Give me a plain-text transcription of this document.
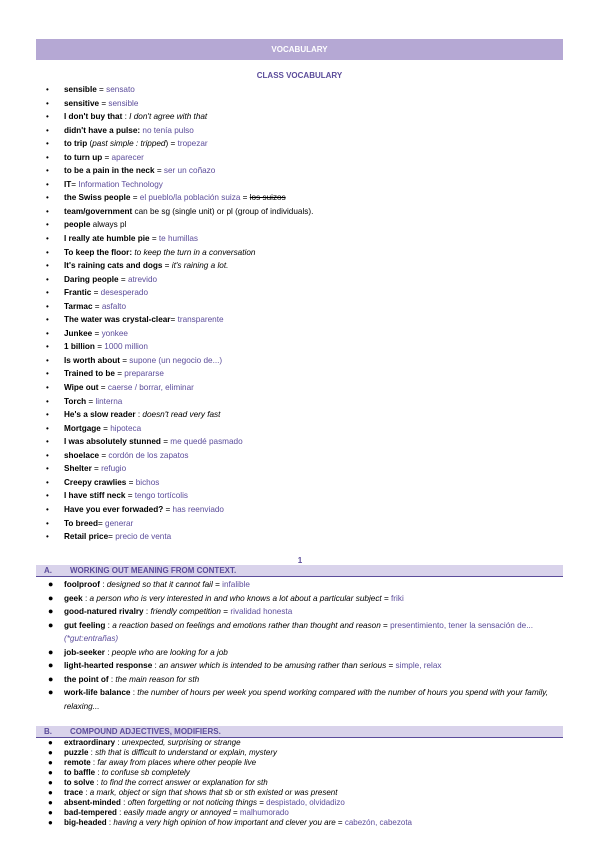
VOCABULARY
CLASS VOCABULARY
• sensible = sensato
• sensitive = sensible
• I don't buy that : I don't agree with that
• didn't have a pulse: no tenía pulso
• to trip (past simple : tripped) = tropezar
• to turn up = aparecer
• to be a pain in the neck = ser un coñazo
• IT= Information Technology
• the Swiss people = el pueblo/la población suiza = los suizos
• team/government can be sg (single unit) or pl (group of individuals).
• people always pl
• I really ate humble pie = te humillas
• To keep the floor: to keep the turn in a conversation
• It's raining cats and dogs = it's raining a lot.
• Daring people = atrevido
• Frantic = desesperado
• Tarmac = asfalto
• The water was crystal-clear= transparente
• Junkee = yonkee
• 1 billion = 1000 million
• Is worth about = supone (un negocio de...)
• Trained to be = prepararse
• Wipe out = caerse / borrar, eliminar
• Torch = linterna
• He's a slow reader : doesn't read very fast
• Mortgage = hipoteca
• I was absolutely stunned = me quedé pasmado
• shoelace = cordón de los zapatos
• Shelter = refugio
• Creepy crawlies = bichos
• I have stiff neck = tengo tortícolis
• Have you ever forwaded? = has reenviado
• To breed= generar
• Retail price= precio de venta
1
A. WORKING OUT MEANING FROM CONTEXT.
● foolproof : designed so that it cannot fail = infalible
● geek : a person who is very interested in and who knows a lot about a particular subject = friki
● good-natured rivalry : friendly competition = rivalidad honesta
● gut feeling : a reaction based on feelings and emotions rather than thought and reason = presentimiento, tener la sensación de... (*gut:entrañas)
● job-seeker : people who are looking for a job
● light-hearted response : an answer which is intended to be amusing rather than serious = simple, relax
● the point of : the main reason for sth
● work-life balance : the number of hours per week you spend working compared with the number of hours you spend with your family, relaxing...
B. COMPOUND ADJECTIVES, MODIFIERS.
● extraordinary : unexpected, surprising or strange
● puzzle : sth that is difficult to understand or explain, mystery
● remote : far away from places where other people live
● to baffle : to confuse sb completely
● to solve : to find the correct answer or explanation for sth
● trace : a mark, object or sign that shows that sb or sth existed or was present
● absent-minded : often forgetting or not noticing things = despistado, olvidadizo
● bad-tempered : easily made angry or annoyed = malhumorado
● big-headed : having a very high opinion of how important and clever you are = cabezón, cabezota
